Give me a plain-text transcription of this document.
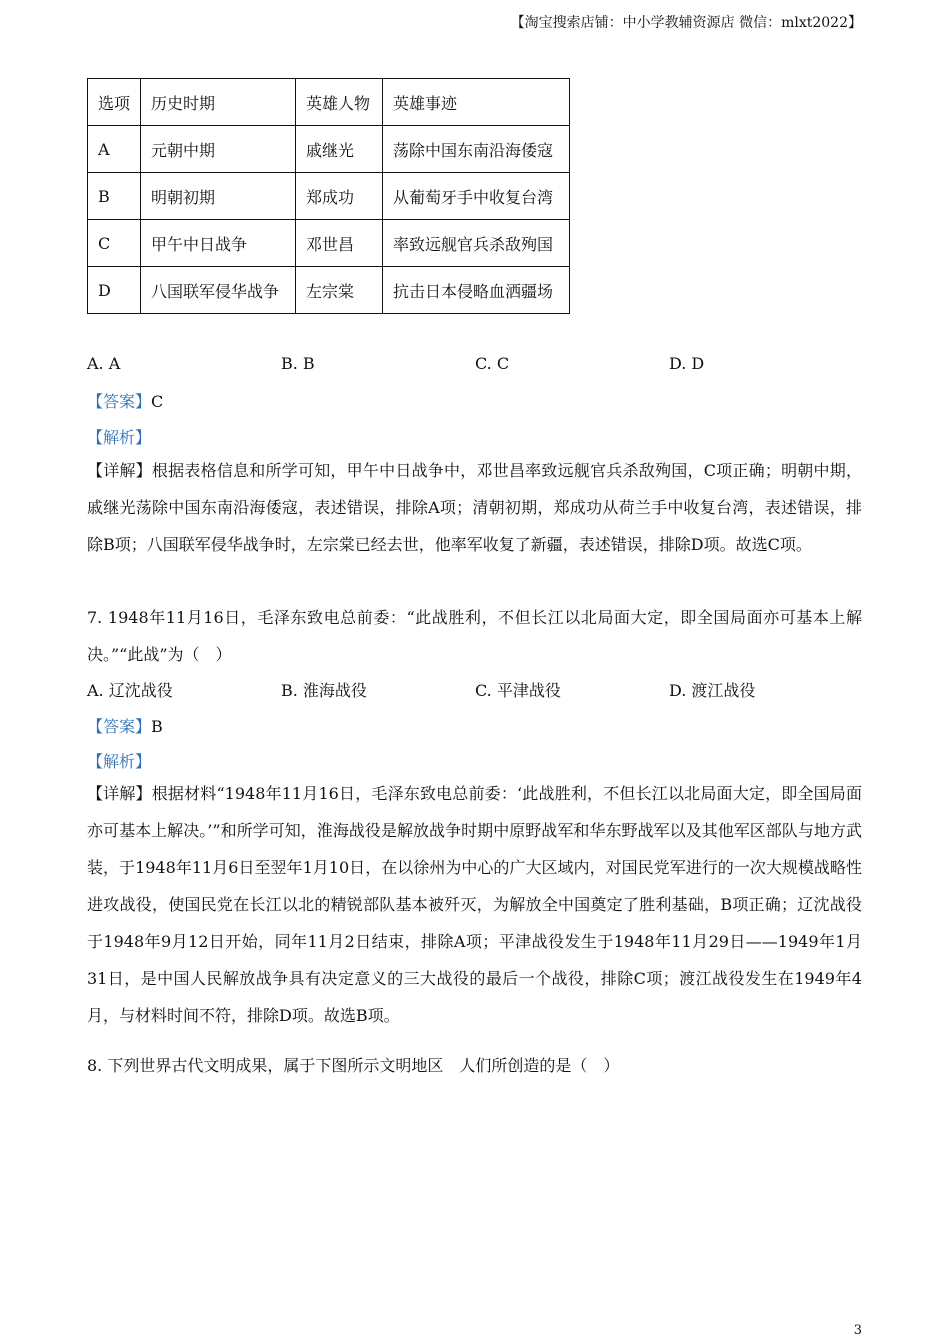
【淘宝搜索店铺：中小学教辅资源店 微信：mlxt2022】
选项	历史时期	英雄人物	英雄事迹
A	元朝中期	戚继光	荡除中国东南沿海倭寇
B	明朝初期	郑成功	从葡萄牙手中收复台湾
C	甲午中日战争	邓世昌	率致远舰官兵杀敌殉国
D	八国联军侵华战争	左宗棠	抗击日本侵略血洒疆场
A. A	B. B	C. C	D. D
【答案】C
【解析】
【详解】根据表格信息和所学可知，甲午中日战争中，邓世昌率致远舰官兵杀敌殉国，C项正确；明朝中期，戚继光荡除中国东南沿海倭寇，表述错误，排除A项；清朝初期，郑成功从荷兰手中收复台湾，表述错误，排除B项；八国联军侵华战争时，左宗棠已经去世，他率军收复了新疆，表述错误，排除D项。故选C项。
7. 1948年11月16日，毛泽东致电总前委：“此战胜利，不但长江以北局面大定，即全国局面亦可基本上解决。”“此战”为（　）
A. 辽沈战役	B. 淮海战役	C. 平津战役	D. 渡江战役
【答案】B
【解析】
【详解】根据材料“1948年11月16日，毛泽东致电总前委：‘此战胜利，不但长江以北局面大定，即全国局面亦可基本上解决。’”和所学可知，淮海战役是解放战争时期中原野战军和华东野战军以及其他军区部队与地方武装，于1948年11月6日至翌年1月10日，在以徐州为中心的广大区域内，对国民党军进行的一次大规模战略性进攻战役，使国民党在长江以北的精锐部队基本被歼灭，为解放全中国奠定了胜利基础，B项正确；辽沈战役于1948年9月12日开始，同年11月2日结束，排除A项；平津战役发生于1948年11月29日——1949年1月31日，是中国人民解放战争具有决定意义的三大战役的最后一个战役，排除C项；渡江战役发生在1949年4月，与材料时间不符，排除D项。故选B项。
8. 下列世界古代文明成果，属于下图所示文明地区　人们所创造的是（　）
3
